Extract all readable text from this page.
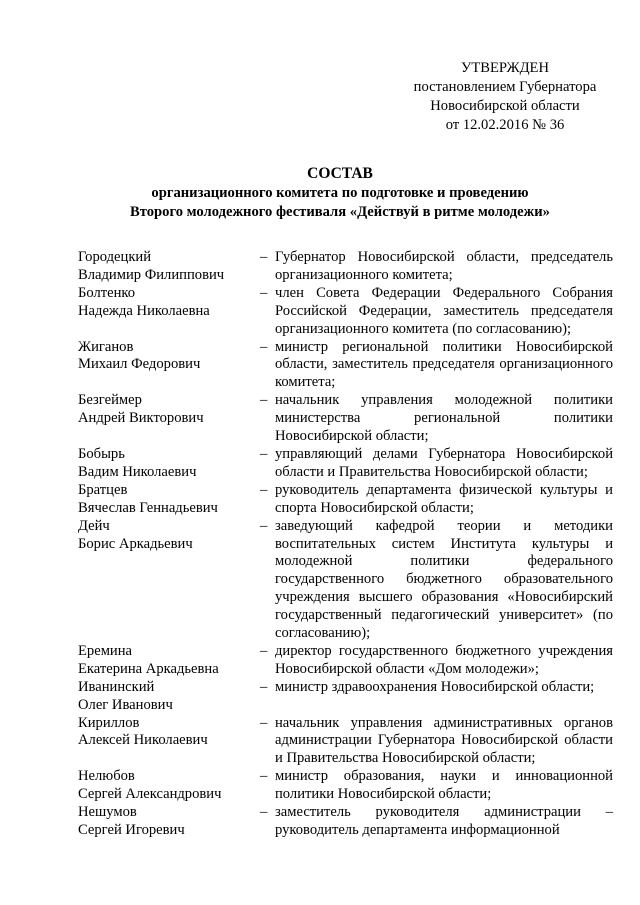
УТВЕРЖДЕН
постановлением Губернатора
Новосибирской области
от 12.02.2016 № 36
СОСТАВ
организационного комитета по подготовке и проведению
Второго молодежного фестиваля «Действуй в ритме молодежи»
Городецкий
Владимир Филиппович
– Губернатор Новосибирской области, председатель организационного комитета;
Болтенко
Надежда Николаевна
– член Совета Федерации Федерального Собрания Российской Федерации, заместитель председателя организационного комитета (по согласованию);
Жиганов
Михаил Федорович
– министр региональной политики Новосибирской области, заместитель председателя организационного комитета;
Безгеймер
Андрей Викторович
– начальник управления молодежной политики министерства региональной политики Новосибирской области;
Бобырь
Вадим Николаевич
– управляющий делами Губернатора Новосибирской области и Правительства Новосибирской области;
Братцев
Вячеслав Геннадьевич
– руководитель департамента физической культуры и спорта Новосибирской области;
Дейч
Борис Аркадьевич
– заведующий кафедрой теории и методики воспитательных систем Института культуры и молодежной политики федерального государственного бюджетного образовательного учреждения высшего образования «Новосибирский государственный педагогический университет» (по согласованию);
Еремина
Екатерина Аркадьевна
– директор государственного бюджетного учреждения Новосибирской области «Дом молодежи»;
Иванинский
Олег Иванович
– министр здравоохранения Новосибирской области;
Кириллов
Алексей Николаевич
– начальник управления административных органов администрации Губернатора Новосибирской области и Правительства Новосибирской области;
Нелюбов
Сергей Александрович
– министр образования, науки и инновационной политики Новосибирской области;
Нешумов
Сергей Игоревич
– заместитель руководителя администрации – руководитель департамента информационной
